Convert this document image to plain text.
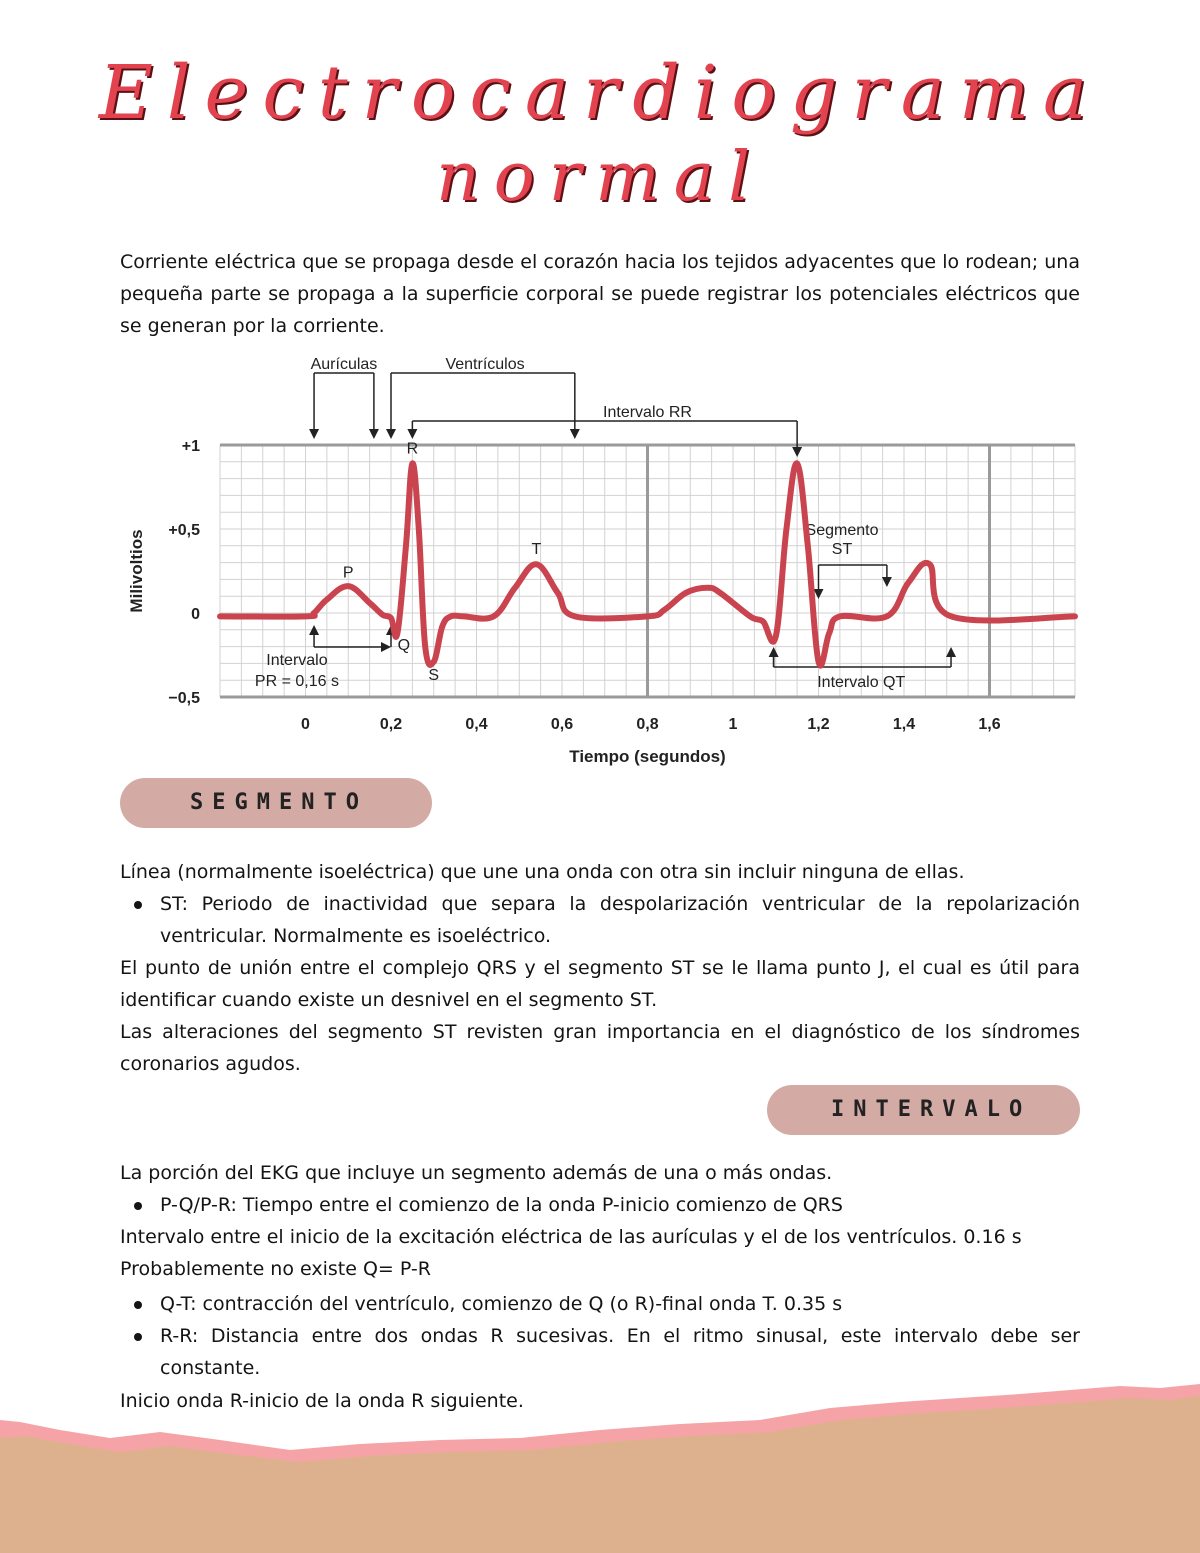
Electrocardiograma
normal

Corriente eléctrica que se propaga desde el corazón hacia los tejidos adyacentes que lo rodean; una pequeña parte se propaga a la superficie corporal se puede registrar los potenciales eléctricos que se generan por la corriente.

Aurículas	Ventrículos
Intervalo RR
Segmento
ST
Intervalo
PR = 0,16 s	Intervalo QT
0	0,2	0,4	0,6	0,8	1	1,2	1,4	1,6
+1
+0,5
0
−0,5
Tiempo (segundos)
Milivoltios	P
R
Q
S
T
SEGMENTO
Línea (normalmente isoeléctrica) que une una onda con otra sin incluir ninguna de ellas.
ST: Periodo de inactividad que separa la despolarización ventricular de la repolarización ventricular. Normalmente es isoeléctrico.

El punto de unión entre el complejo QRS y el segmento ST se le llama punto J, el cual es útil para identificar cuando existe un desnivel en el segmento ST.

Las alteraciones del segmento ST revisten gran importancia en el diagnóstico de los síndromes coronarios agudos.

INTERVALO
La porción del EKG que incluye un segmento además de una o más ondas.
P-Q/P-R: Tiempo entre el comienzo de la onda P-inicio comienzo de QRS
Intervalo entre el inicio de la excitación eléctrica de las aurículas y el de los ventrículos. 0.16 s
Probablemente no existe Q= P-R
Q-T: contracción del ventrículo, comienzo de Q (o R)-final onda T. 0.35 s
R-R: Distancia entre dos ondas R sucesivas. En el ritmo sinusal, este intervalo debe ser constante.
Inicio onda R-inicio de la onda R siguiente.
